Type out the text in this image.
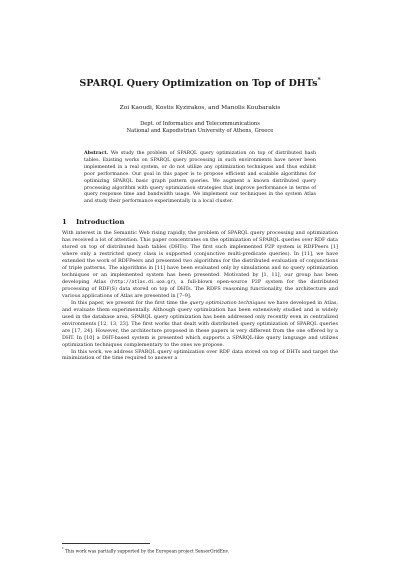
SPARQL Query Optimization on Top of DHTs*
Zoi Kaoudi, Kostis Kyzirakos, and Manolis Koubarakis
Dept. of Informatics and Telecommunications
National and Kapodistrian University of Athens, Greece
Abstract. We study the problem of SPARQL query optimization on top of distributed hash tables. Existing works on SPARQL query processing in such environments have never been implemented in a real system, or do not utilize any optimization techniques and thus exhibit poor performance. Our goal in this paper is to propose efficient and scalable algorithms for optimizing SPARQL basic graph pattern queries. We augment a known distributed query processing algorithm with query optimization strategies that improve performance in terms of query response time and bandwidth usage. We implement our techniques in the system Atlas and study their performance experimentally in a local cluster.
1 Introduction

With interest in the Semantic Web rising rapidly, the problem of SPARQL query processing and optimization has received a lot of attention. This paper concentrates on the optimization of SPARQL queries over RDF data stored on top of distributed hash tables (DHTs). The first such implemented P2P system is RDFPeers [1] where only a restricted query class is supported (conjunctive multi-predicate queries). In [11], we have extended the work of RDFPeers and presented two algorithms for the distributed evaluation of conjunctions of triple patterns. The algorithms in [11] have been evaluated only by simulations and no query optimization techniques or an implemented system has been presented. Motivated by [1, 11], our group has been developing Atlas (http://atlas.di.uoa.gr), a full-blown open-source P2P system for the distributed processing of RDF(S) data stored on top of DHTs. The RDFS reasoning functionality, the architecture and various applications of Atlas are presented in [7–9].

In this paper, we present for the first time the query optimization techniques we have developed in Atlas, and evaluate them experimentally. Although query optimization has been extensively studied and is widely used in the database area, SPARQL query optimization has been addressed only recently even in centralized environments [12, 13, 23]. The first works that dealt with distributed query optimization of SPARQL queries are [17, 24]. However, the architecture proposed in these papers is very different from the one offered by a DHT. In [10] a DHT-based system is presented which supports a SPARQL-like query language and utilizes optimization techniques complementary to the ones we propose.

In this work, we address SPARQL query optimization over RDF data stored on top of DHTs and target the minimization of the time required to answer a

* This work was partially supported by the European project SensorGridEnv.
